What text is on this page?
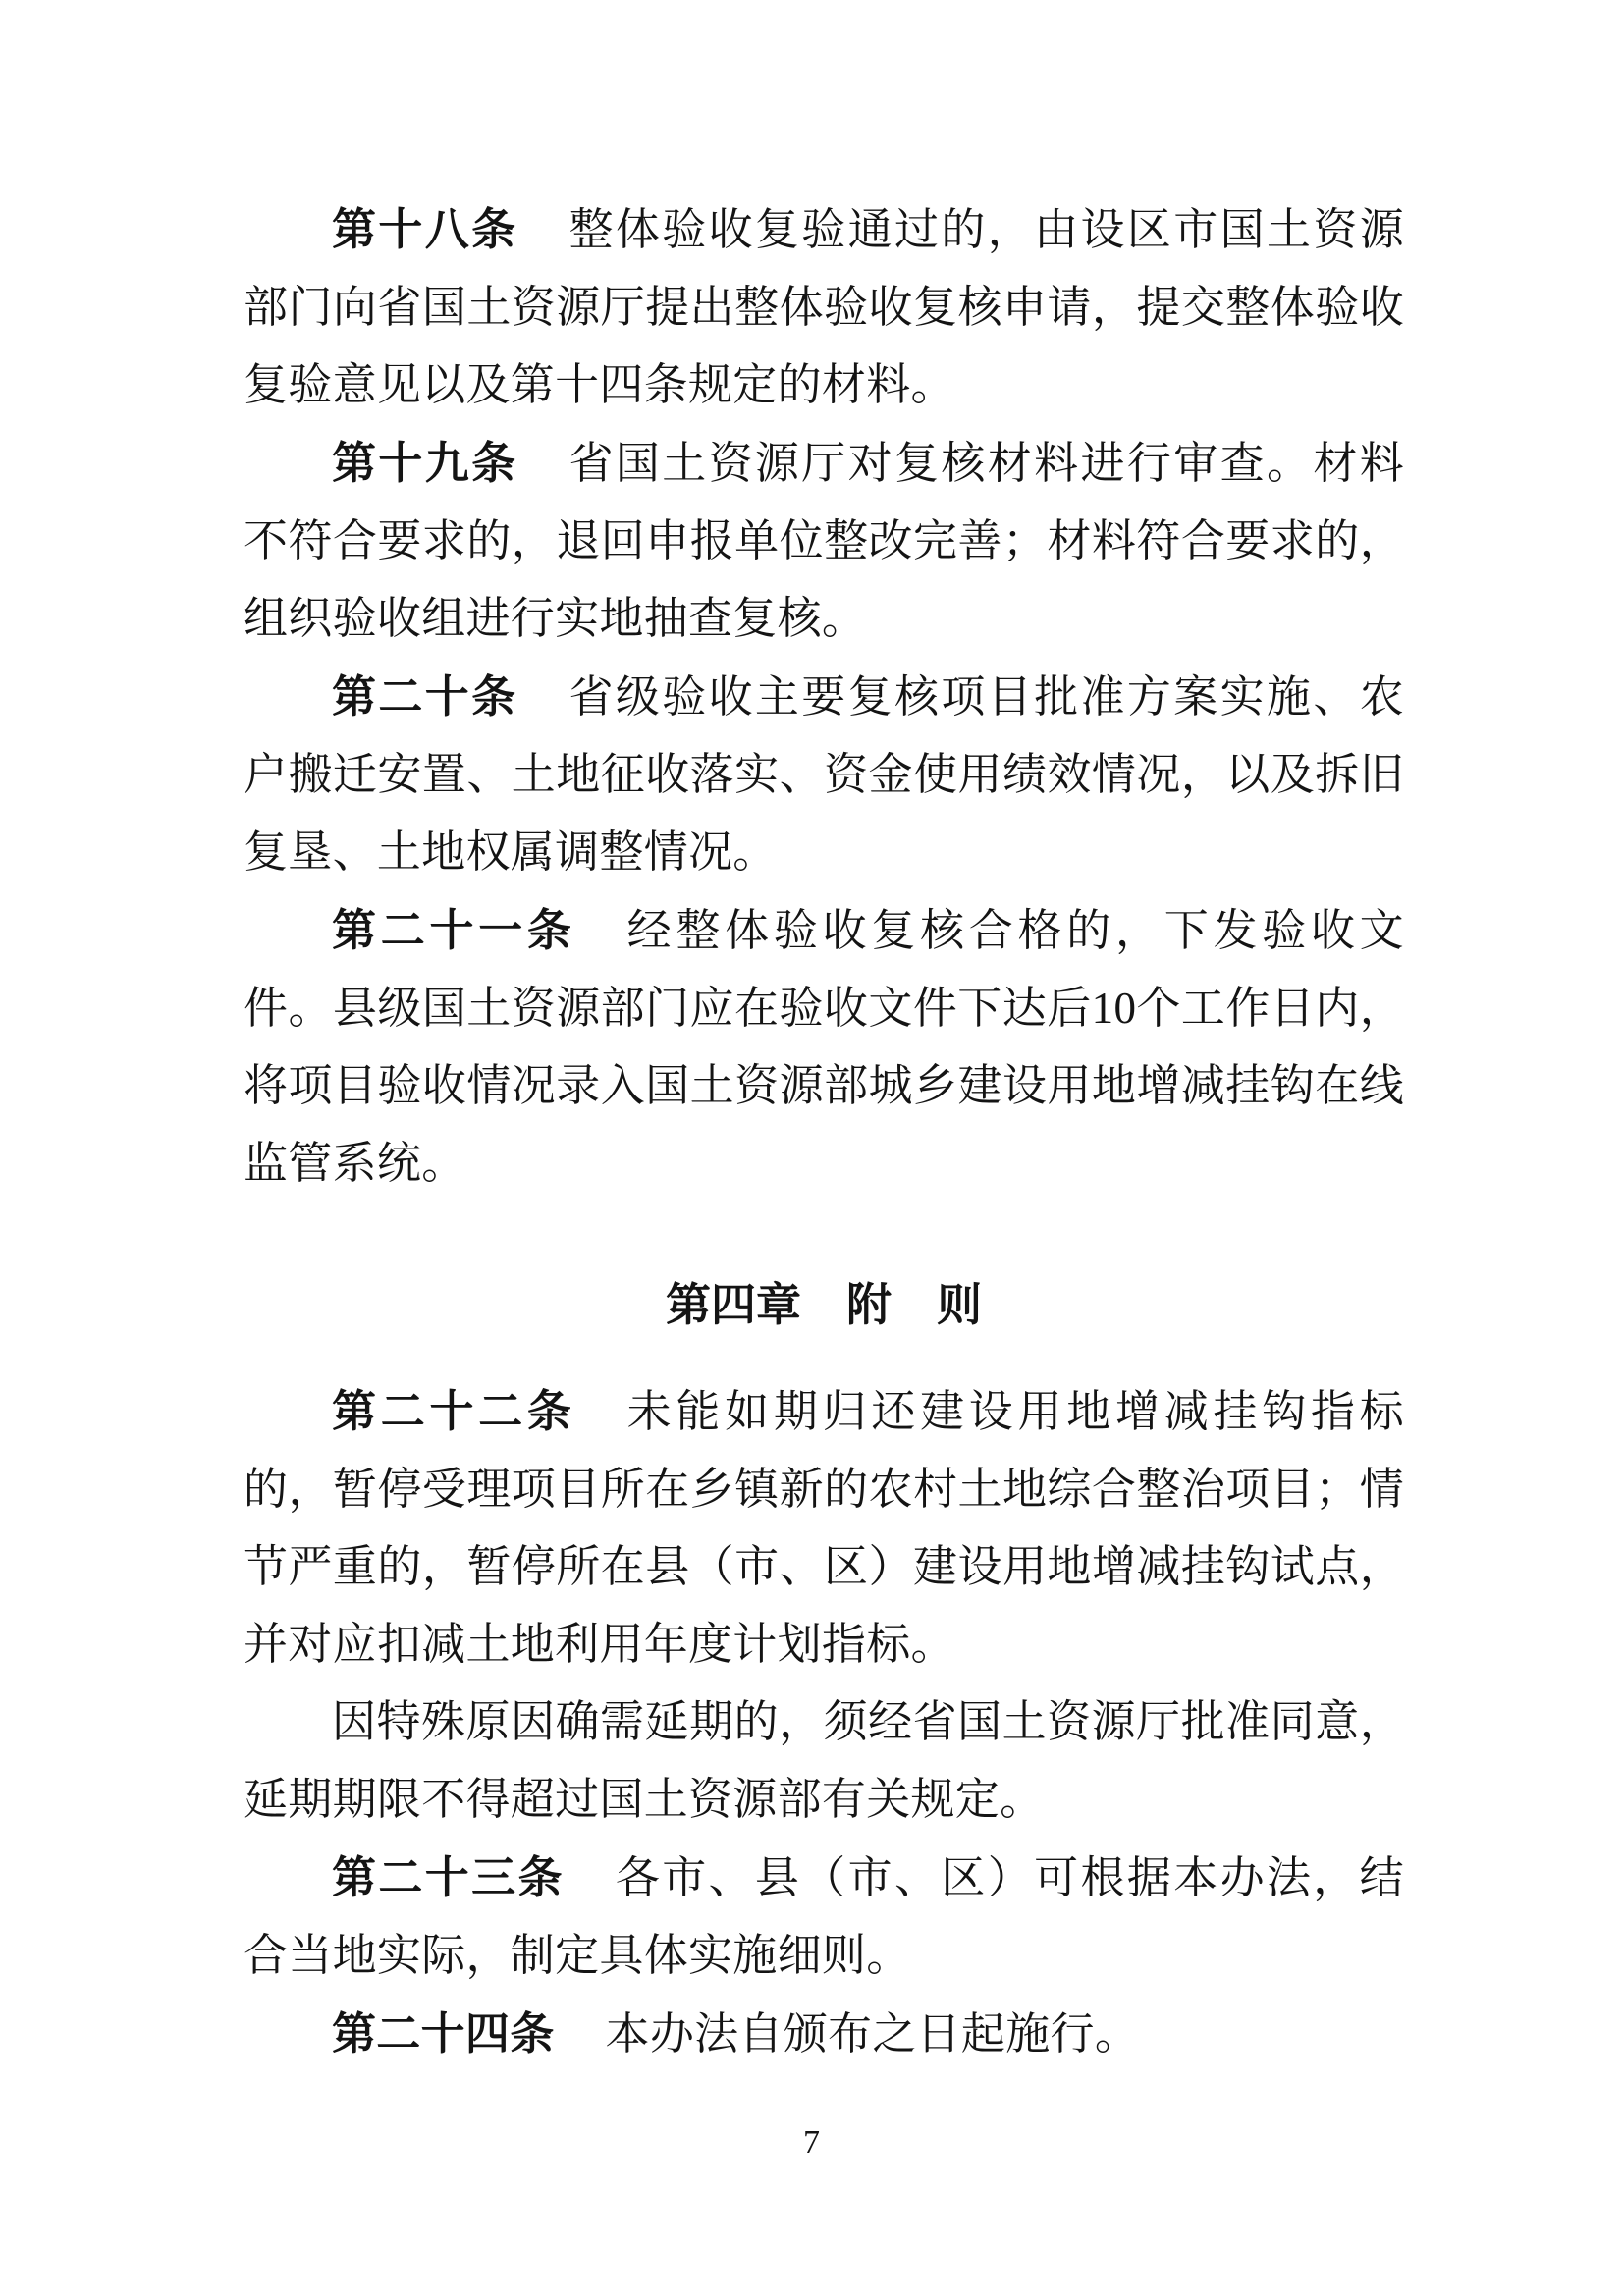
第十八条 整体验收复验通过的，由设区市国土资源部门向省国土资源厅提出整体验收复核申请，提交整体验收复验意见以及第十四条规定的材料。

第十九条 省国土资源厅对复核材料进行审查。材料不符合要求的，退回申报单位整改完善；材料符合要求的，组织验收组进行实地抽查复核。

第二十条 省级验收主要复核项目批准方案实施、农户搬迁安置、土地征收落实、资金使用绩效情况，以及拆旧复垦、土地权属调整情况。

第二十一条 经整体验收复核合格的，下发验收文件。县级国土资源部门应在验收文件下达后10个工作日内，将项目验收情况录入国土资源部城乡建设用地增减挂钩在线监管系统。

第四章　附　则

第二十二条 未能如期归还建设用地增减挂钩指标的，暂停受理项目所在乡镇新的农村土地综合整治项目；情节严重的，暂停所在县（市、区）建设用地增减挂钩试点，并对应扣减土地利用年度计划指标。

因特殊原因确需延期的，须经省国土资源厅批准同意，延期期限不得超过国土资源部有关规定。

第二十三条 各市、县（市、区）可根据本办法，结合当地实际，制定具体实施细则。

第二十四条 本办法自颁布之日起施行。

7
